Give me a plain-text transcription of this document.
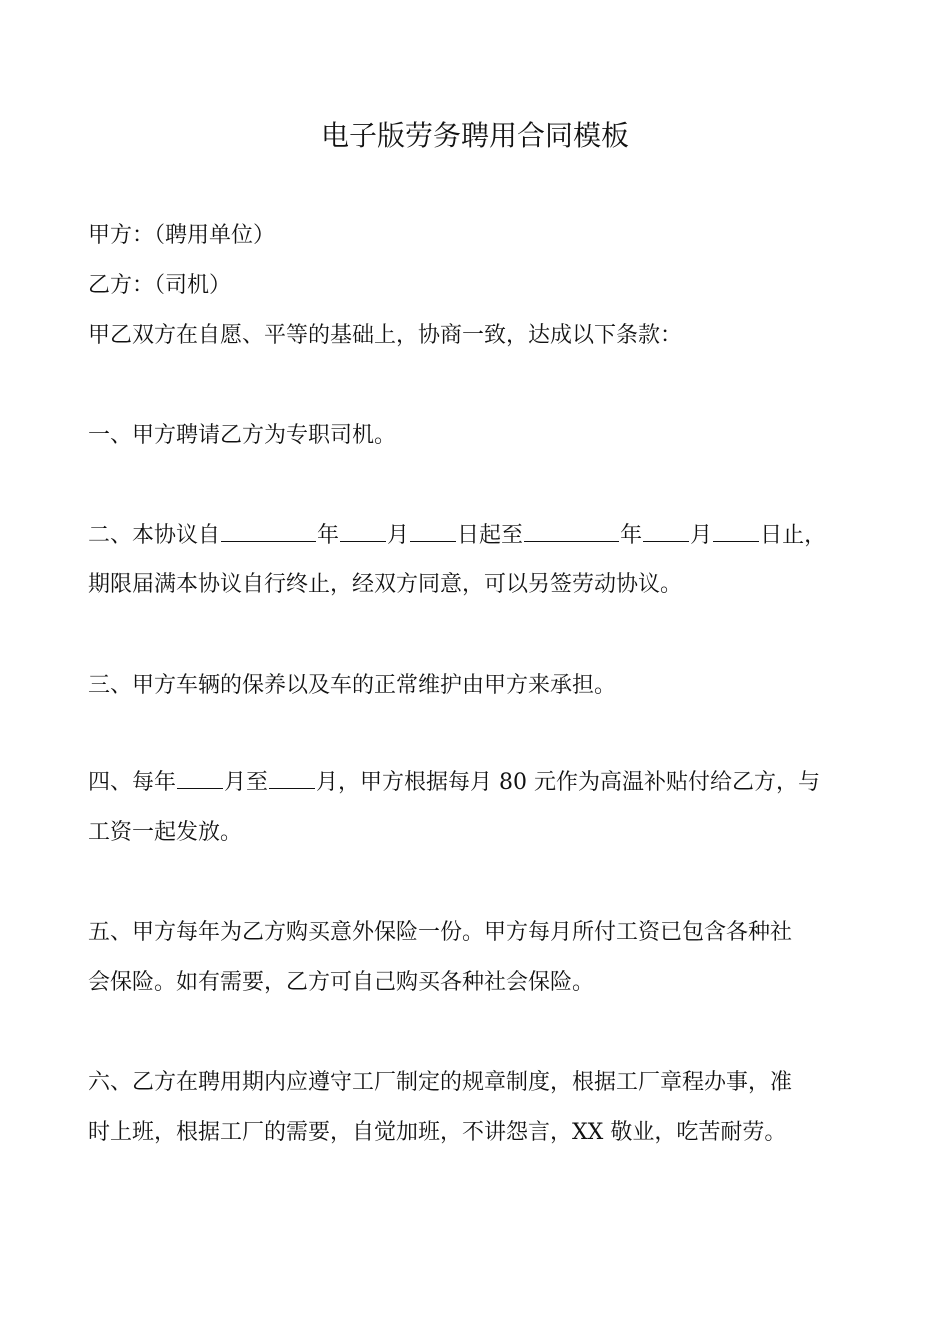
电子版劳务聘用合同模板

甲方：（聘用单位）

乙方：（司机）

甲乙双方在自愿、平等的基础上，协商一致，达成以下条款：

一、甲方聘请乙方为专职司机。

二、本协议自	年 月 日起至	年 月 日止，

期限届满本协议自行终止，经双方同意，可以另签劳动协议。

三、甲方车辆的保养以及车的正常维护由甲方来承担。

四、每年 月至 月，甲方根据每月 80 元作为高温补贴付给乙方，与

工资一起发放。

五、甲方每年为乙方购买意外保险一份。甲方每月所付工资已包含各种社

会保险。如有需要，乙方可自己购买各种社会保险。

六、乙方在聘用期内应遵守工厂制定的规章制度，根据工厂章程办事，准

时上班，根据工厂的需要，自觉加班，不讲怨言，XX 敬业，吃苦耐劳。
